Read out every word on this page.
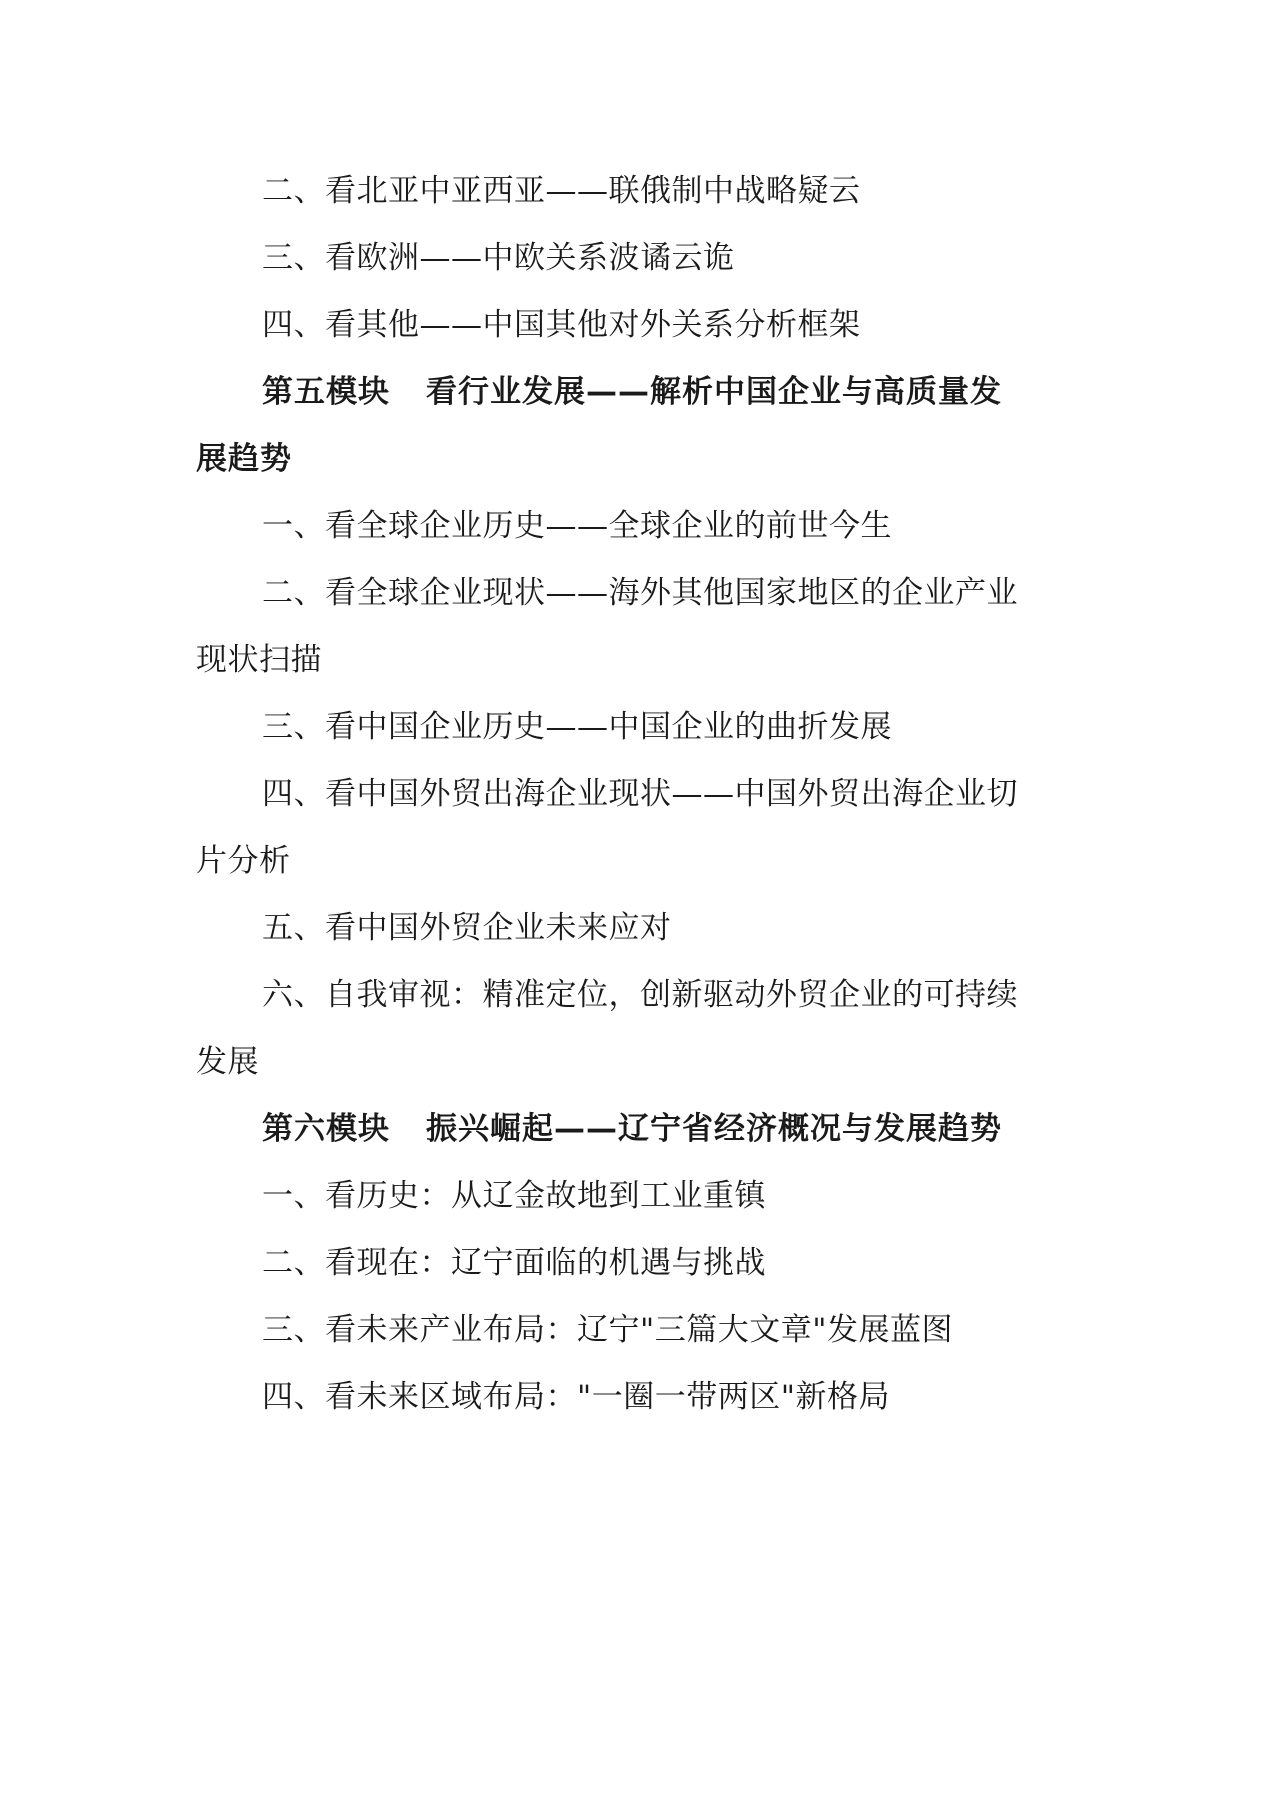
二、看北亚中亚西亚——联俄制中战略疑云

三、看欧洲——中欧关系波谲云诡

四、看其他——中国其他对外关系分析框架

第五模块 看行业发展——解析中国企业与高质量发

展趋势

一、看全球企业历史——全球企业的前世今生

二、看全球企业现状——海外其他国家地区的企业产业

现状扫描

三、看中国企业历史——中国企业的曲折发展

四、看中国外贸出海企业现状——中国外贸出海企业切

片分析

五、看中国外贸企业未来应对

六、自我审视：精准定位，创新驱动外贸企业的可持续

发展

第六模块 振兴崛起——辽宁省经济概况与发展趋势

一、看历史：从辽金故地到工业重镇

二、看现在：辽宁面临的机遇与挑战

三、看未来产业布局：辽宁"三篇大文章"发展蓝图

四、看未来区域布局："一圈一带两区"新格局
